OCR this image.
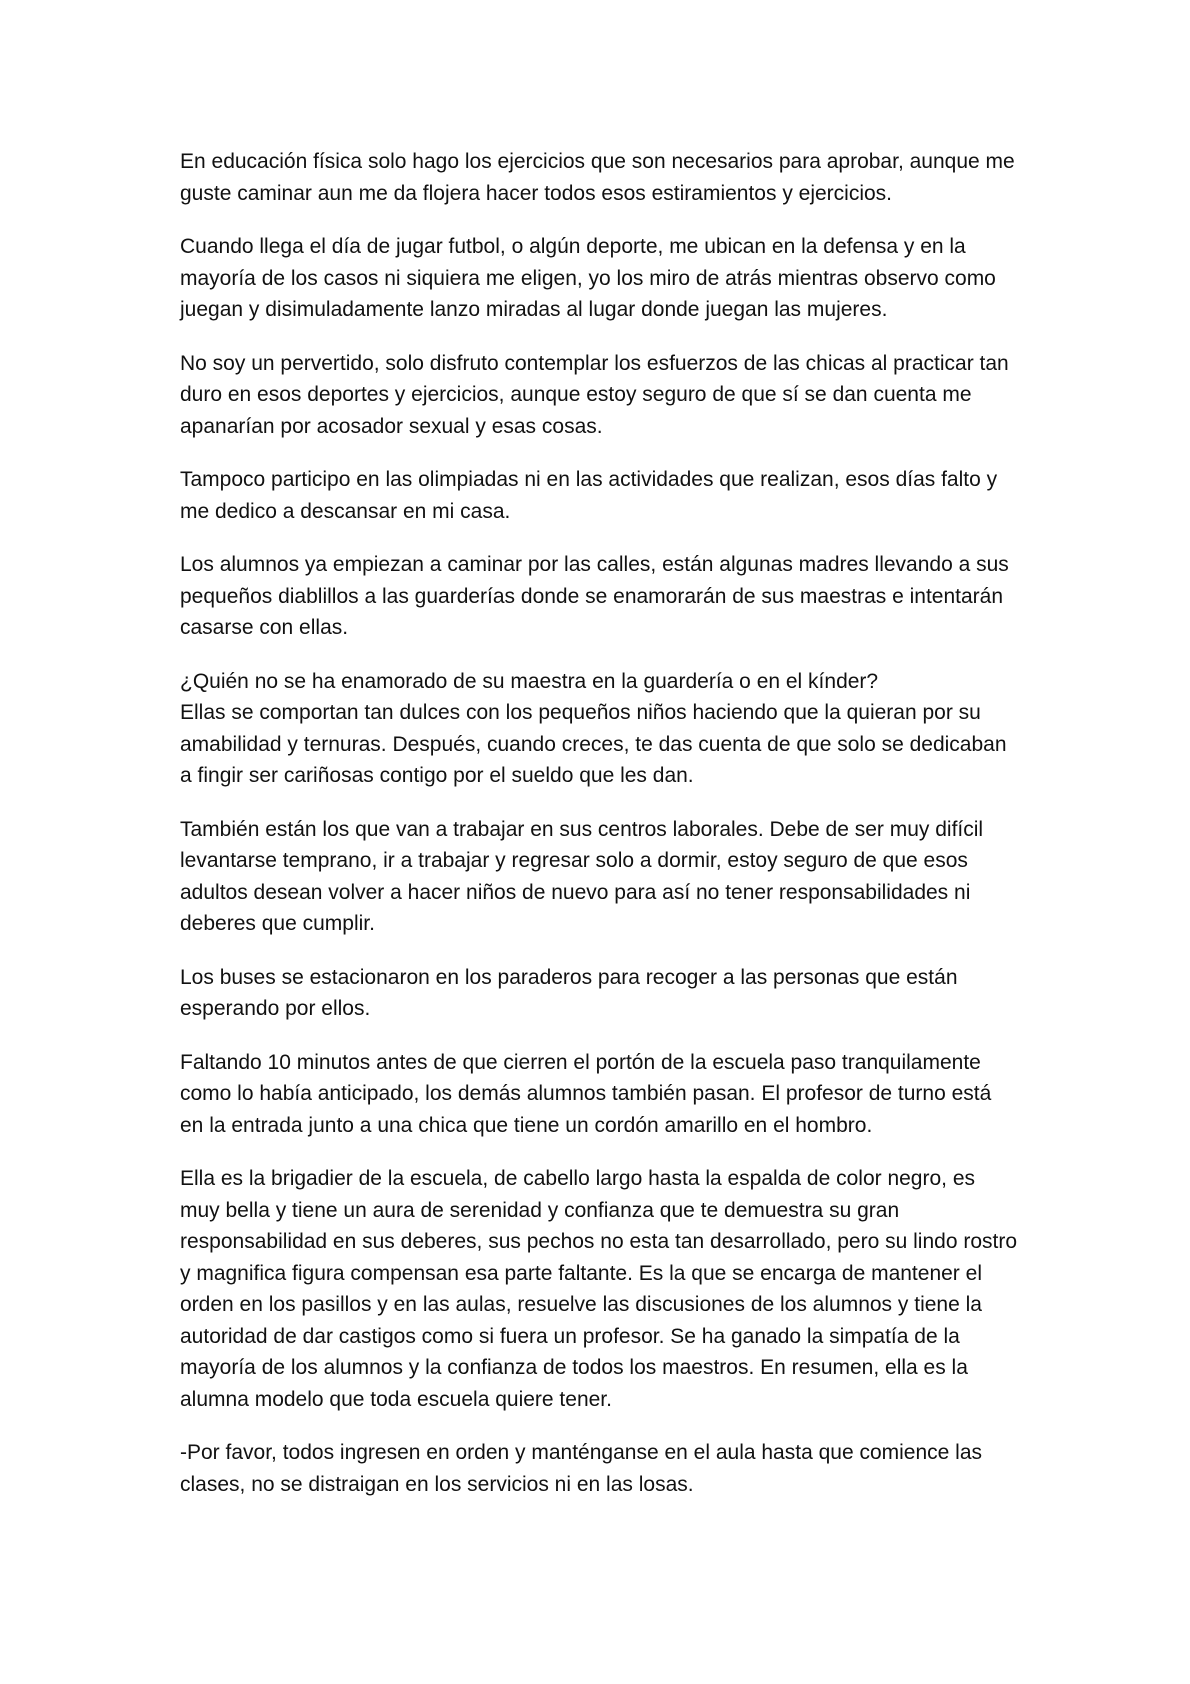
En educación física solo hago los ejercicios que son necesarios para aprobar, aunque me guste caminar aun me da flojera hacer todos esos estiramientos y ejercicios.

Cuando llega el día de jugar futbol, o algún deporte, me ubican en la defensa y en la mayoría de los casos ni siquiera me eligen, yo los miro de atrás mientras observo como juegan y disimuladamente lanzo miradas al lugar donde juegan las mujeres.

No soy un pervertido, solo disfruto contemplar los esfuerzos de las chicas al practicar tan duro en esos deportes y ejercicios, aunque estoy seguro de que sí se dan cuenta me apanarían por acosador sexual y esas cosas.

Tampoco participo en las olimpiadas ni en las actividades que realizan, esos días falto y me dedico a descansar en mi casa.

Los alumnos ya empiezan a caminar por las calles, están algunas madres llevando a sus pequeños diablillos a las guarderías donde se enamorarán de sus maestras e intentarán casarse con ellas.

¿Quién no se ha enamorado de su maestra en la guardería o en el kínder?
Ellas se comportan tan dulces con los pequeños niños haciendo que la quieran por su amabilidad y ternuras. Después, cuando creces, te das cuenta de que solo se dedicaban a fingir ser cariñosas contigo por el sueldo que les dan.

También están los que van a trabajar en sus centros laborales. Debe de ser muy difícil levantarse temprano, ir a trabajar y regresar solo a dormir, estoy seguro de que esos adultos desean volver a hacer niños de nuevo para así no tener responsabilidades ni deberes que cumplir.

Los buses se estacionaron en los paraderos para recoger a las personas que están esperando por ellos.

Faltando 10 minutos antes de que cierren el portón de la escuela paso tranquilamente como lo había anticipado, los demás alumnos también pasan. El profesor de turno está en la entrada junto a una chica que tiene un cordón amarillo en el hombro.

Ella es la brigadier de la escuela, de cabello largo hasta la espalda de color negro, es muy bella y tiene un aura de serenidad y confianza que te demuestra su gran responsabilidad en sus deberes, sus pechos no esta tan desarrollado, pero su lindo rostro y magnifica figura compensan esa parte faltante. Es la que se encarga de mantener el orden en los pasillos y en las aulas, resuelve las discusiones de los alumnos y tiene la autoridad de dar castigos como si fuera un profesor. Se ha ganado la simpatía de la mayoría de los alumnos y la confianza de todos los maestros. En resumen, ella es la alumna modelo que toda escuela quiere tener.

-Por favor, todos ingresen en orden y manténganse en el aula hasta que comience las clases, no se distraigan en los servicios ni en las losas.
